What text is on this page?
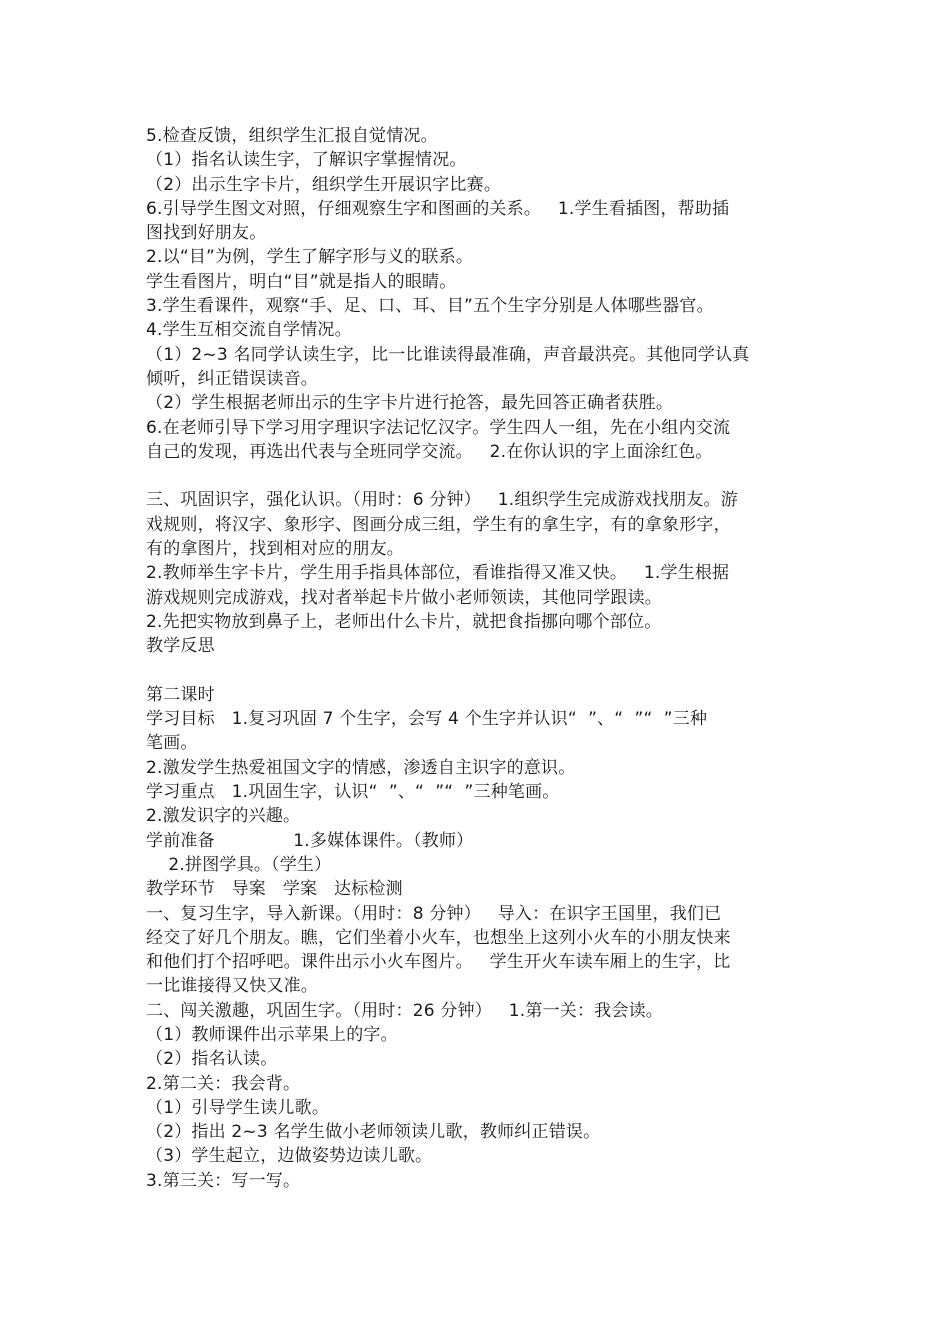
5.检查反馈，组织学生汇报自觉情况。
（1）指名认读生字，了解识字掌握情况。
（2）出示生字卡片，组织学生开展识字比赛。
6.引导学生图文对照，仔细观察生字和图画的关系。   1.学生看插图，帮助插
图找到好朋友。
2.以“目”为例，学生了解字形与义的联系。
学生看图片，明白“目”就是指人的眼睛。
3.学生看课件，观察“手、足、口、耳、目”五个生字分别是人体哪些器官。
4.学生互相交流自学情况。
（1）2~3 名同学认读生字，比一比谁读得最准确，声音最洪亮。其他同学认真
倾听，纠正错误读音。
（2）学生根据老师出示的生字卡片进行抢答，最先回答正确者获胜。
6.在老师引导下学习用字理识字法记忆汉字。学生四人一组，先在小组内交流
自己的发现，再选出代表与全班同学交流。   2.在你认识的字上面涂红色。
三、巩固识字，强化认识。（用时：6 分钟）   1.组织学生完成游戏找朋友。游
戏规则，将汉字、象形字、图画分成三组，学生有的拿生字，有的拿象形字，
有的拿图片，找到相对应的朋友。
2.教师举生字卡片，学生用手指具体部位，看谁指得又准又快。   1.学生根据
游戏规则完成游戏，找对者举起卡片做小老师领读，其他同学跟读。
2.先把实物放到鼻子上，老师出什么卡片，就把食指挪向哪个部位。
教学反思
第二课时
学习目标   1.复习巩固 7 个生字，会写 4 个生字并认识“  ”、“  ”“  ”三种
笔画。
2.激发学生热爱祖国文字的情感，渗透自主识字的意识。
学习重点   1.巩固生字，认识“  ”、“  ”“  ”三种笔画。
2.激发识字的兴趣。
学前准备              1.多媒体课件。（教师）
2.拼图学具。（学生）
教学环节   导案   学案   达标检测
一、复习生字，导入新课。（用时：8 分钟）   导入：在识字王国里，我们已
经交了好几个朋友。瞧，它们坐着小火车，也想坐上这列小火车的小朋友快来
和他们打个招呼吧。课件出示小火车图片。   学生开火车读车厢上的生字，比
一比谁接得又快又准。
二、闯关激趣，巩固生字。（用时：26 分钟）   1.第一关：我会读。
（1）教师课件出示苹果上的字。
（2）指名认读。
2.第二关：我会背。
（1）引导学生读儿歌。
（2）指出 2~3 名学生做小老师领读儿歌，教师纠正错误。
（3）学生起立，边做姿势边读儿歌。
3.第三关：写一写。
